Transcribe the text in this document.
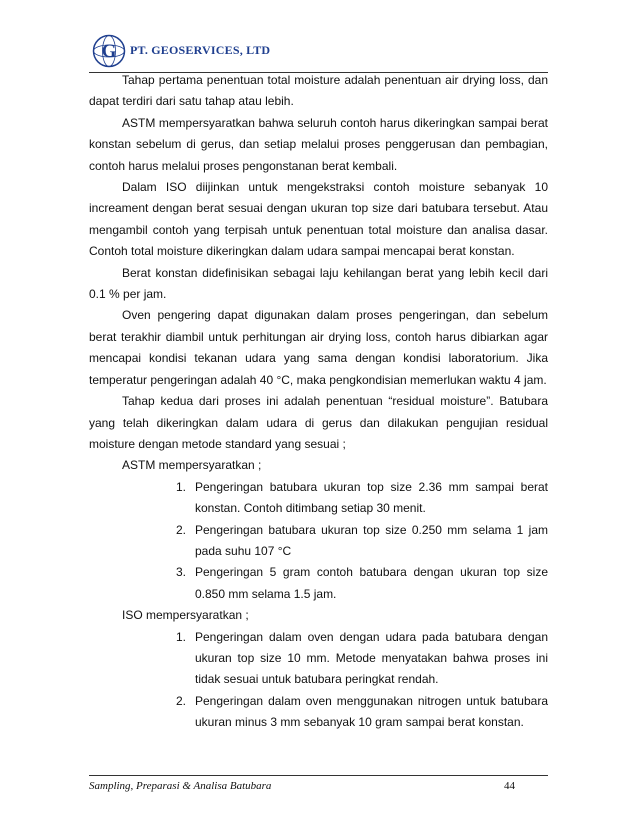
G PT. GEOSERVICES, LTD

Tahap pertama penentuan total moisture adalah penentuan air drying loss, dan dapat terdiri dari satu tahap atau lebih.

ASTM mempersyaratkan bahwa seluruh contoh harus dikeringkan sampai berat konstan sebelum di gerus, dan setiap melalui proses penggerusan dan pembagian, contoh harus melalui proses pengonstanan berat kembali.

Dalam ISO diijinkan untuk mengekstraksi contoh moisture sebanyak 10 increament dengan berat sesuai dengan ukuran top size dari batubara tersebut. Atau mengambil contoh yang terpisah untuk penentuan total moisture dan analisa dasar. Contoh total moisture dikeringkan dalam udara sampai mencapai berat konstan.

Berat konstan didefinisikan sebagai laju kehilangan berat yang lebih kecil dari 0.1 % per jam.

Oven pengering dapat digunakan dalam proses pengeringan, dan sebelum berat terakhir diambil untuk perhitungan air drying loss, contoh harus dibiarkan agar mencapai kondisi tekanan udara yang sama dengan kondisi laboratorium. Jika temperatur pengeringan adalah 40 °C, maka pengkondisian memerlukan waktu 4 jam.

Tahap kedua dari proses ini adalah penentuan “residual moisture”. Batubara yang telah dikeringkan dalam udara di gerus dan dilakukan pengujian residual moisture dengan metode standard yang sesuai ;

ASTM mempersyaratkan ;

1. Pengeringan batubara ukuran top size 2.36 mm sampai berat konstan. Contoh ditimbang setiap 30 menit.
2. Pengeringan batubara ukuran top size 0.250 mm selama 1 jam pada suhu 107 °C
3. Pengeringan 5 gram contoh batubara dengan ukuran top size 0.850 mm selama 1.5 jam.

ISO mempersyaratkan ;

1. Pengeringan dalam oven dengan udara pada batubara dengan ukuran top size 10 mm. Metode menyatakan bahwa proses ini tidak sesuai untuk batubara peringkat rendah.
2. Pengeringan dalam oven menggunakan nitrogen untuk batubara ukuran minus 3 mm sebanyak 10 gram sampai berat konstan.
Sampling, Preparasi & Analisa Batubara	44
